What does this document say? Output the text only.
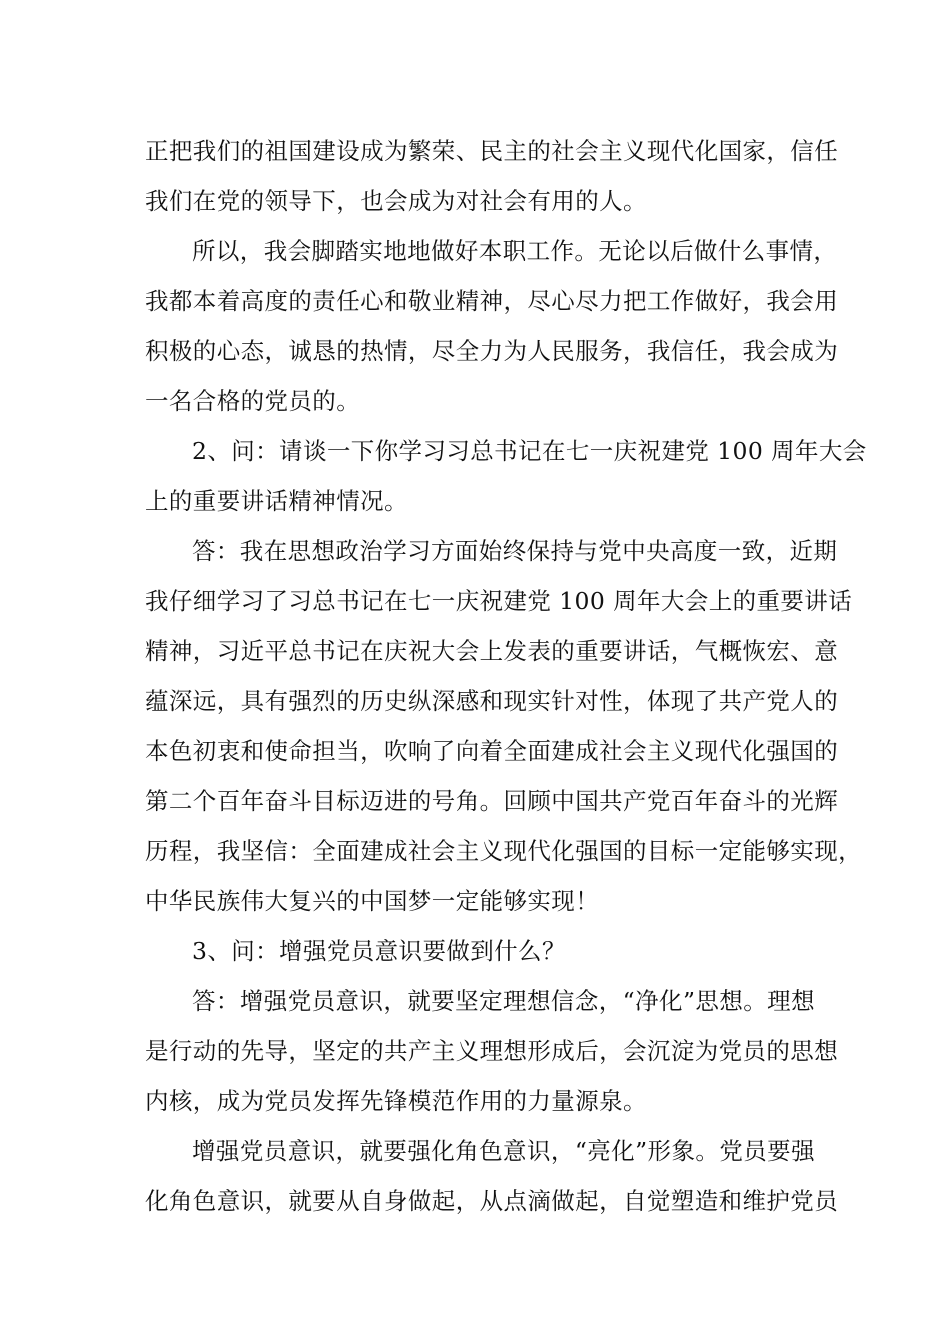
正把我们的祖国建设成为繁荣、民主的社会主义现代化国家，信任
我们在党的领导下，也会成为对社会有用的人。
所以，我会脚踏实地地做好本职工作。无论以后做什么事情，
我都本着高度的责任心和敬业精神，尽心尽力把工作做好，我会用
积极的心态，诚恳的热情，尽全力为人民服务，我信任，我会成为
一名合格的党员的。
2、问：请谈一下你学习习总书记在七一庆祝建党 100 周年大会
上的重要讲话精神情况。
答：我在思想政治学习方面始终保持与党中央高度一致，近期
我仔细学习了习总书记在七一庆祝建党 100 周年大会上的重要讲话
精神，习近平总书记在庆祝大会上发表的重要讲话，气概恢宏、意
蕴深远，具有强烈的历史纵深感和现实针对性，体现了共产党人的
本色初衷和使命担当，吹响了向着全面建成社会主义现代化强国的
第二个百年奋斗目标迈进的号角。回顾中国共产党百年奋斗的光辉
历程，我坚信：全面建成社会主义现代化强国的目标一定能够实现，
中华民族伟大复兴的中国梦一定能够实现！
3、问：增强党员意识要做到什么？
答：增强党员意识，就要坚定理想信念，“净化”思想。理想
是行动的先导，坚定的共产主义理想形成后，会沉淀为党员的思想
内核，成为党员发挥先锋模范作用的力量源泉。
增强党员意识，就要强化角色意识，“亮化”形象。党员要强
化角色意识，就要从自身做起，从点滴做起，自觉塑造和维护党员
